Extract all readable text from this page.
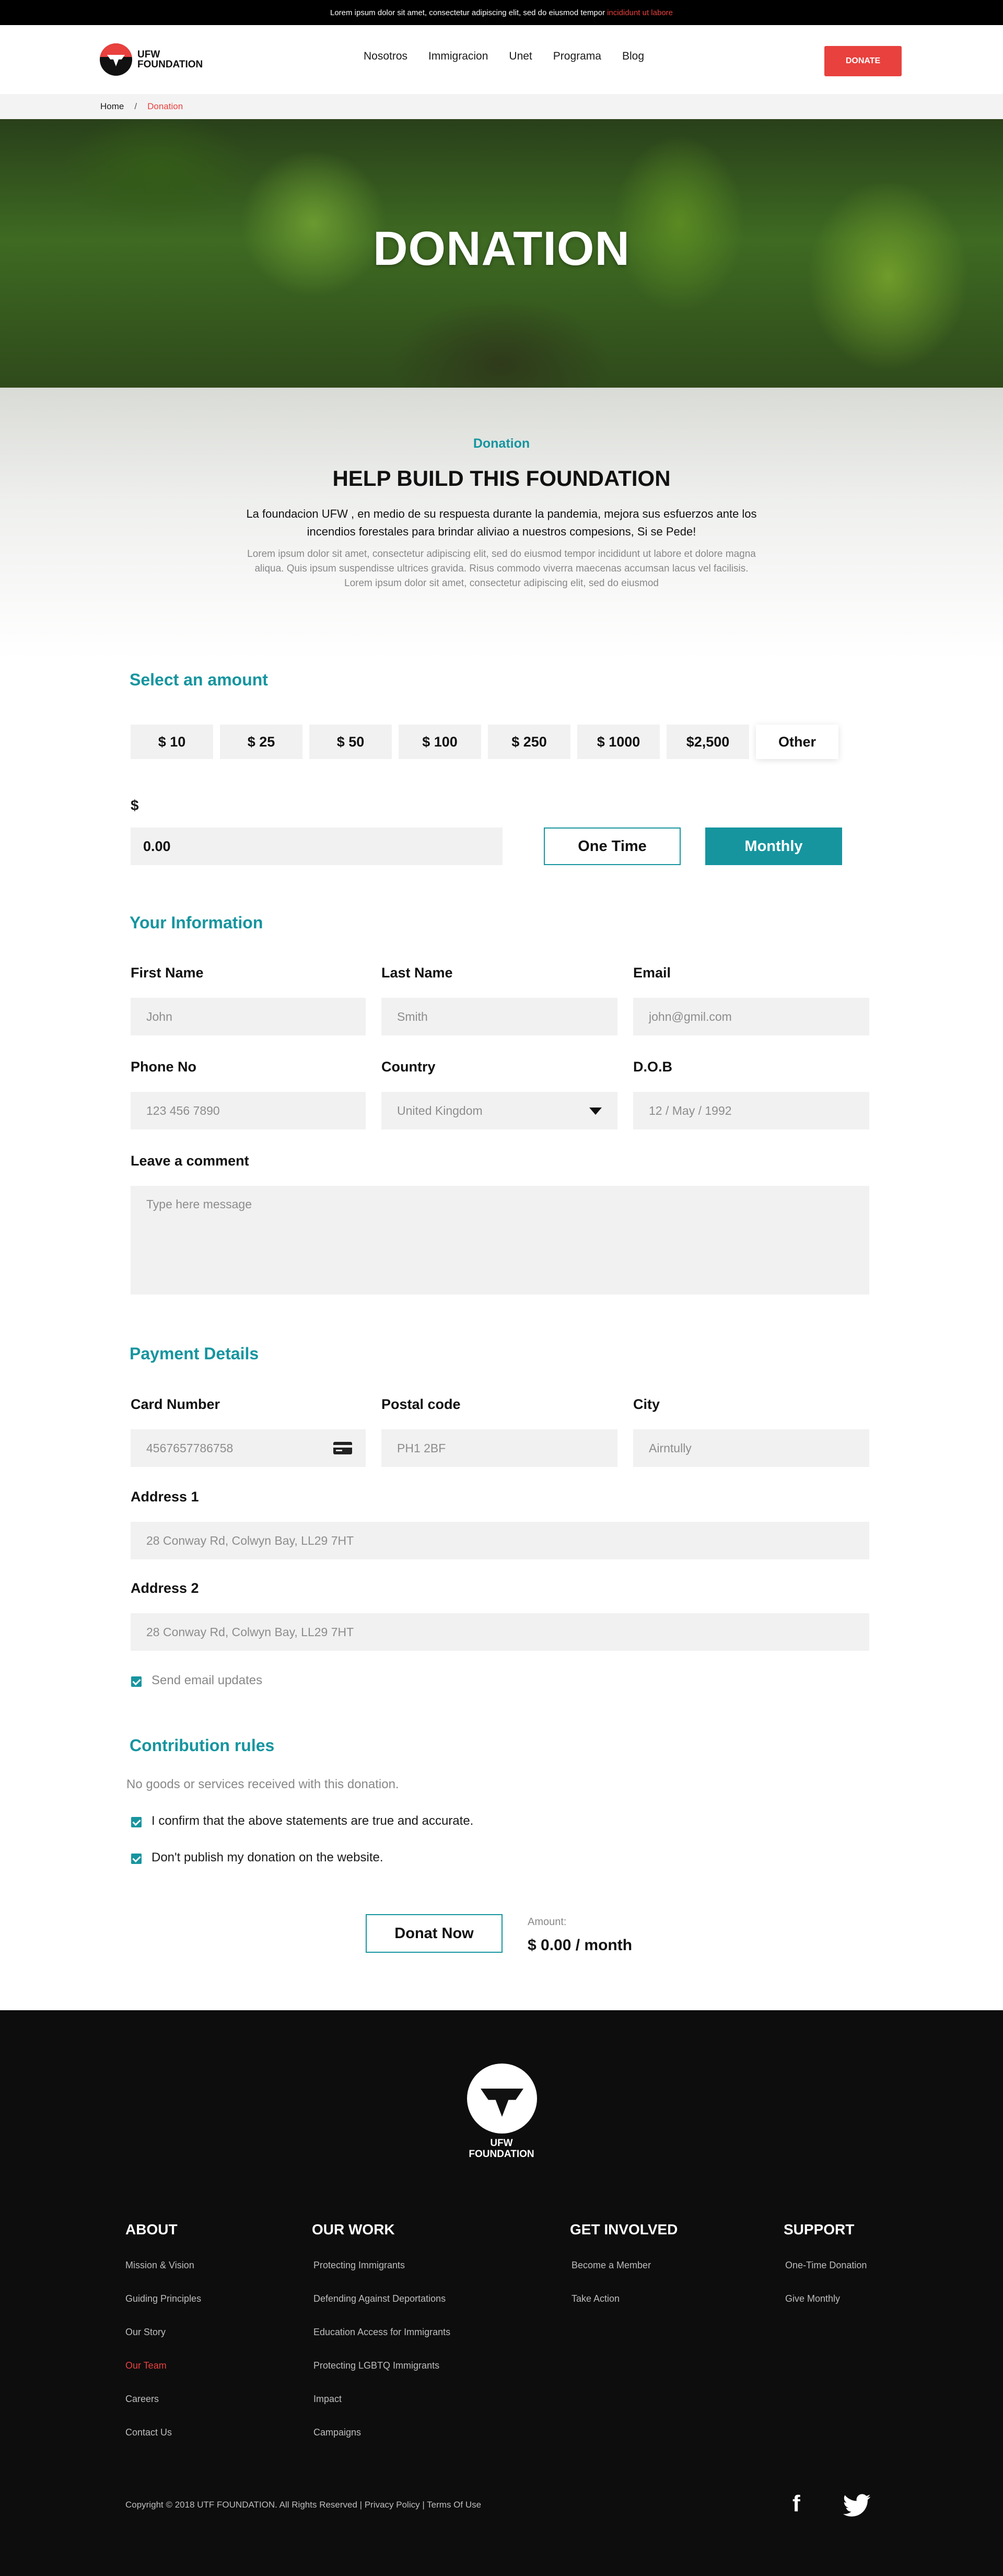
Lorem ipsum dolor sit amet, consectetur adipiscing elit, sed do eiusmod tempor incididunt ut labore
UFW
FOUNDATION
Nosotros Immigracion Unet Programa Blog	DONATE
Home / Donation
DONATION
Donation
HELP BUILD THIS FOUNDATION

La foundacion UFW , en medio de su respuesta durante la pandemia, mejora sus esfuerzos ante los incendios forestales para brindar aliviao a nuestros compesions, Si se Pede!

Lorem ipsum dolor sit amet, consectetur adipiscing elit, sed do eiusmod tempor incididunt ut labore et dolore magna aliqua. Quis ipsum suspendisse ultrices gravida. Risus commodo viverra maecenas accumsan lacus vel facilisis. Lorem ipsum dolor sit amet, consectetur adipiscing elit, sed do eiusmod

Select an amount
$ 10	$ 25	$ 50	$ 100	$ 250	$ 1000	$2,500	Other
$
0.00
One Time	Monthly
Your Information
First Name
John
Last Name
Smith
Email
john@gmil.com
Phone No
123 456 7890
Country
United Kingdom
D.O.B
12 / May / 1992
Leave a comment
Type here message
Payment Details
Card Number
4567657786758
Postal code
PH1 2BF
City
Airntully
Address 1
28 Conway Rd, Colwyn Bay, LL29 7HT
Address 2
28 Conway Rd, Colwyn Bay, LL29 7HT
Send email updates
Contribution rules
No goods or services received with this donation.
I confirm that the above statements are true and accurate.
Don't publish my donation on the website.
Donat Now
Amount:
$ 0.00 / month
UFW
FOUNDATION
ABOUT
Mission & Vision
Guiding Principles
Our Story
Our Team
Careers
Contact Us
OUR WORK
Protecting Immigrants
Defending Against Deportations
Education Access for Immigrants
Protecting LGBTQ Immigrants
Impact
Campaigns
GET INVOLVED
Become a Member
Take Action
SUPPORT
One-Time Donation
Give Monthly
Copyright © 2018 UTF FOUNDATION. All Rights Reserved | Privacy Policy | Terms Of Use	f
